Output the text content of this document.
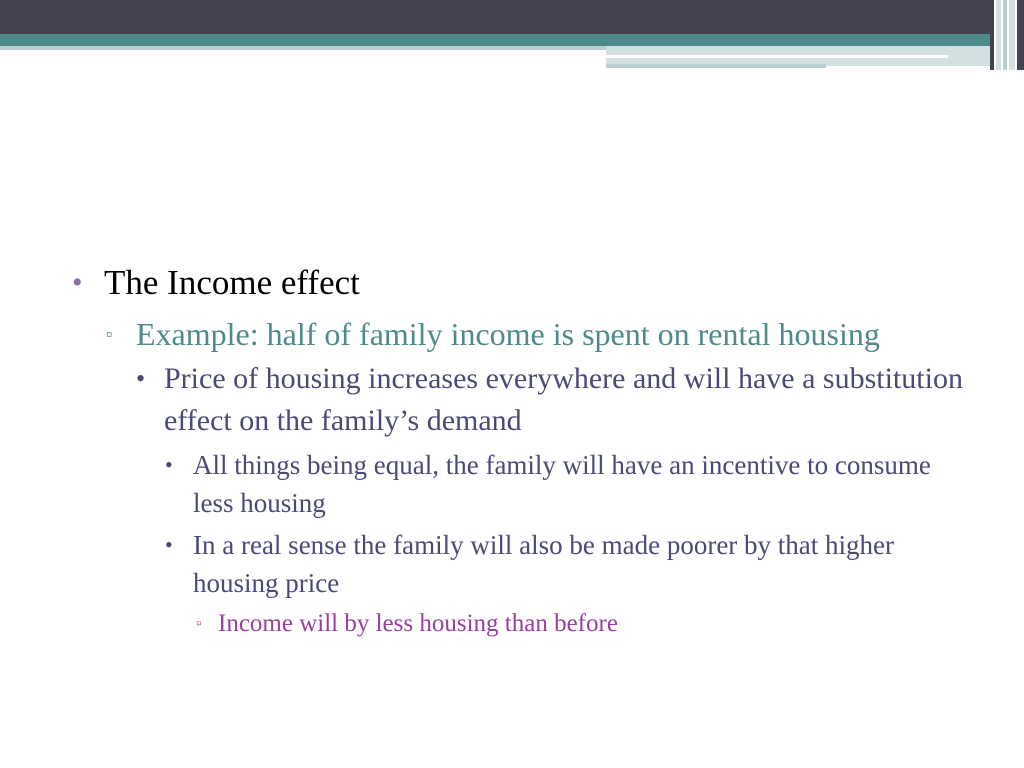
• The Income effect
▫ Example: half of family income is spent on rental housing
• Price of housing increases everywhere and will have a substitution effect on the family’s demand
• All things being equal, the family will have an incentive to consume less housing
• In a real sense the family will also be made poorer by that higher housing price
▫ Income will by less housing than before
